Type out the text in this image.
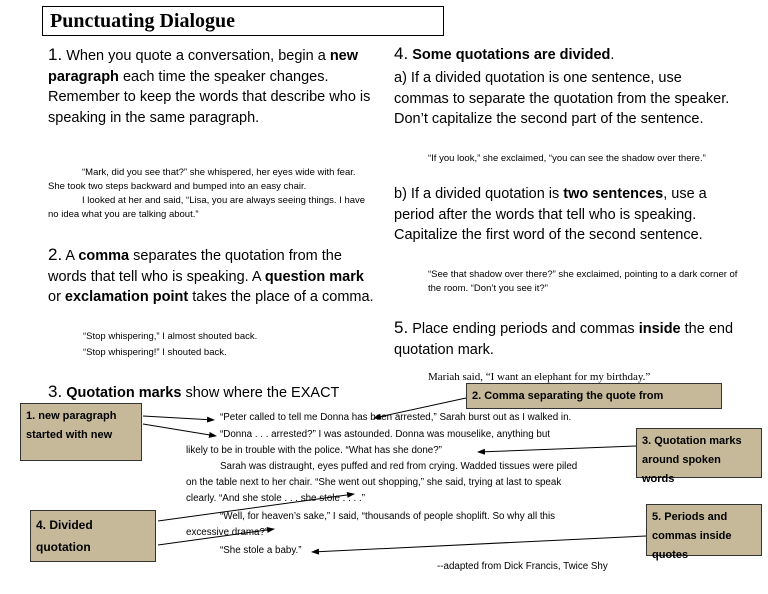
Punctuating Dialogue
1. When you quote a conversation, begin a new paragraph each time the speaker changes. Remember to keep the words that describe who is speaking in the same paragraph.
“Mark, did you see that?” she whispered, her eyes wide with fear. She took two steps backward and bumped into an easy chair.
I looked at her and said, “Lisa, you are always seeing things. I have no idea what you are talking about.”
2. A comma separates the quotation from the words that tell who is speaking. A question mark or exclamation point takes the place of a comma.
“Stop whispering,” I almost shouted back.
“Stop whispering!” I shouted back.
3. Quotation marks show where the EXACT
4. Some quotations are divided.
a) If a divided quotation is one sentence, use commas to separate the quotation from the speaker. Don’t capitalize the second part of the sentence.
“If you look,” she exclaimed, “you can see the shadow over there.”
b) If a divided quotation is two sentences, use a period after the words that tell who is speaking. Capitalize the first word of the second sentence.
“See that shadow over there?” she exclaimed, pointing to a dark corner of the room. “Don’t you see it?”
5. Place ending periods and commas inside the end quotation mark.
Mariah said, “I want an elephant for my birthday.”
“Peter called to tell me Donna has been arrested,” Sarah burst out as I walked in.
“Donna . . . arrested?” I was astounded. Donna was mouselike, anything but
likely to be in trouble with the police. “What has she done?”
Sarah was distraught, eyes puffed and red from crying. Wadded tissues were piled
on the table next to her chair. “She went out shopping,” she said, trying at last to speak
clearly. “And she stole . . . she stole . . . .”
“Well, for heaven’s sake,” I said, “thousands of people shoplift. So why all this
excessive drama?”
“She stole a baby.”
--adapted from Dick Francis, Twice Shy
1. new paragraph started with new
2. Comma separating the quote from
3. Quotation marks around spoken words
4. Divided quotation
5. Periods and commas inside quotes
